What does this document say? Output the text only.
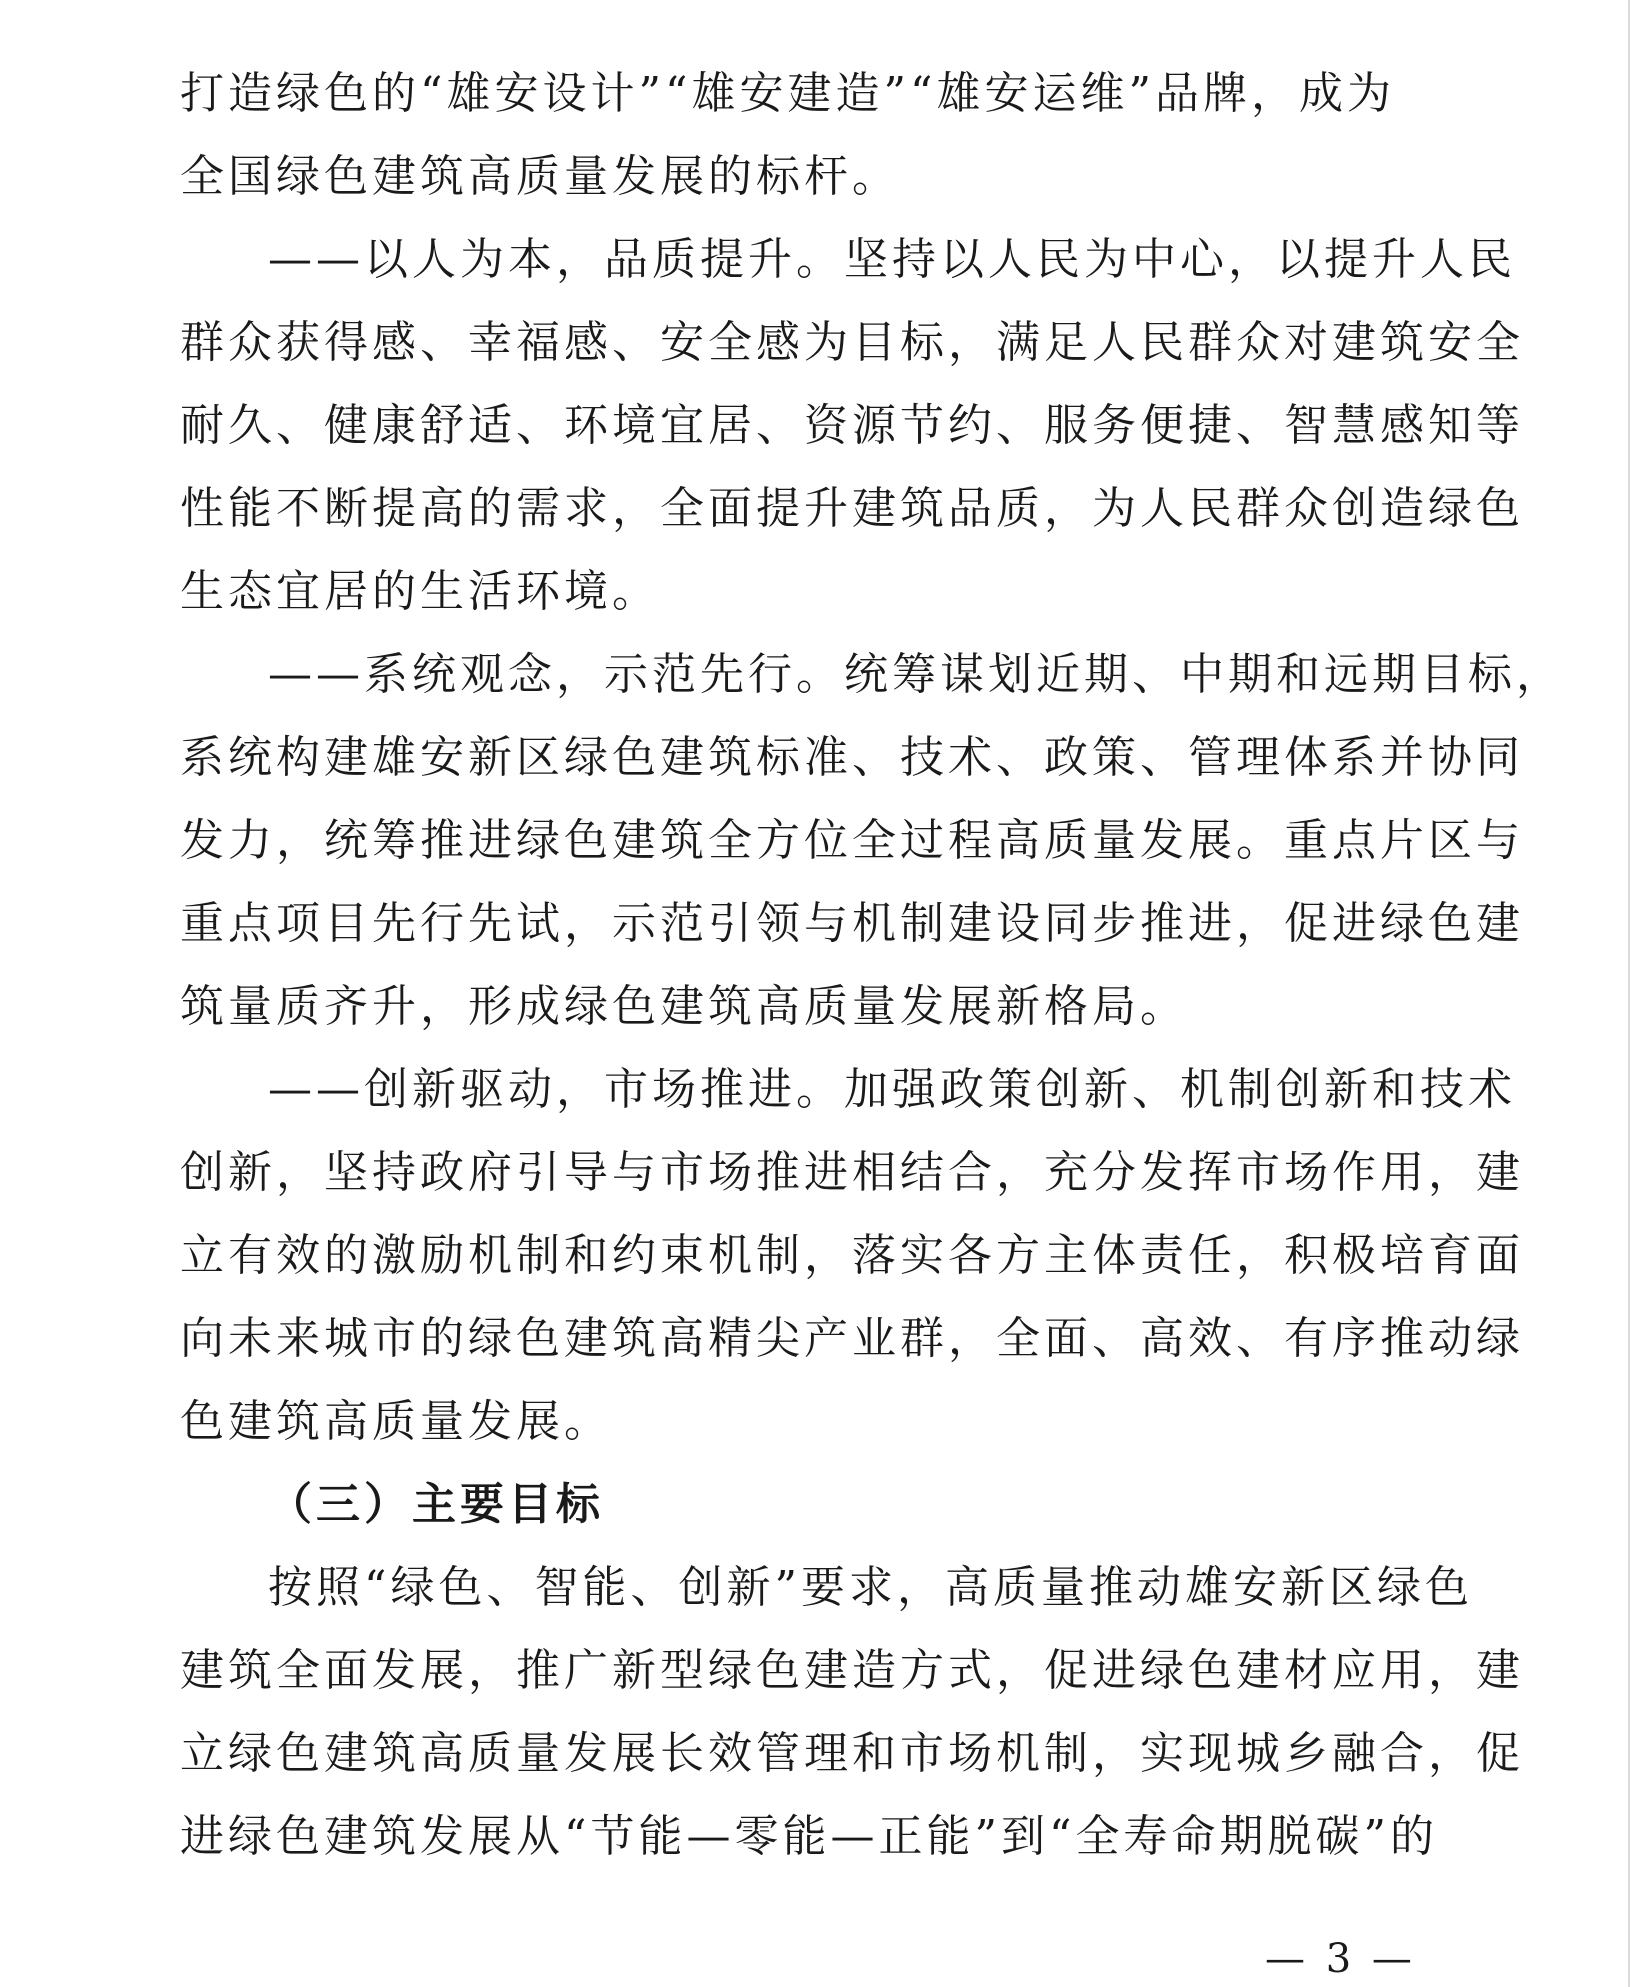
打造绿色的“雄安设计”“雄安建造”“雄安运维”品牌，成为
全国绿色建筑高质量发展的标杆。
——以人为本，品质提升。坚持以人民为中心，以提升人民
群众获得感、幸福感、安全感为目标，满足人民群众对建筑安全
耐久、健康舒适、环境宜居、资源节约、服务便捷、智慧感知等
性能不断提高的需求，全面提升建筑品质，为人民群众创造绿色
生态宜居的生活环境。
——系统观念，示范先行。统筹谋划近期、中期和远期目标，
系统构建雄安新区绿色建筑标准、技术、政策、管理体系并协同
发力，统筹推进绿色建筑全方位全过程高质量发展。重点片区与
重点项目先行先试，示范引领与机制建设同步推进，促进绿色建
筑量质齐升，形成绿色建筑高质量发展新格局。
——创新驱动，市场推进。加强政策创新、机制创新和技术
创新，坚持政府引导与市场推进相结合，充分发挥市场作用，建
立有效的激励机制和约束机制，落实各方主体责任，积极培育面
向未来城市的绿色建筑高精尖产业群，全面、高效、有序推动绿
色建筑高质量发展。
（三）主要目标
按照“绿色、智能、创新”要求，高质量推动雄安新区绿色
建筑全面发展，推广新型绿色建造方式，促进绿色建材应用，建
立绿色建筑高质量发展长效管理和市场机制，实现城乡融合，促
进绿色建筑发展从“节能—零能—正能”到“全寿命期脱碳”的
— 3 —
